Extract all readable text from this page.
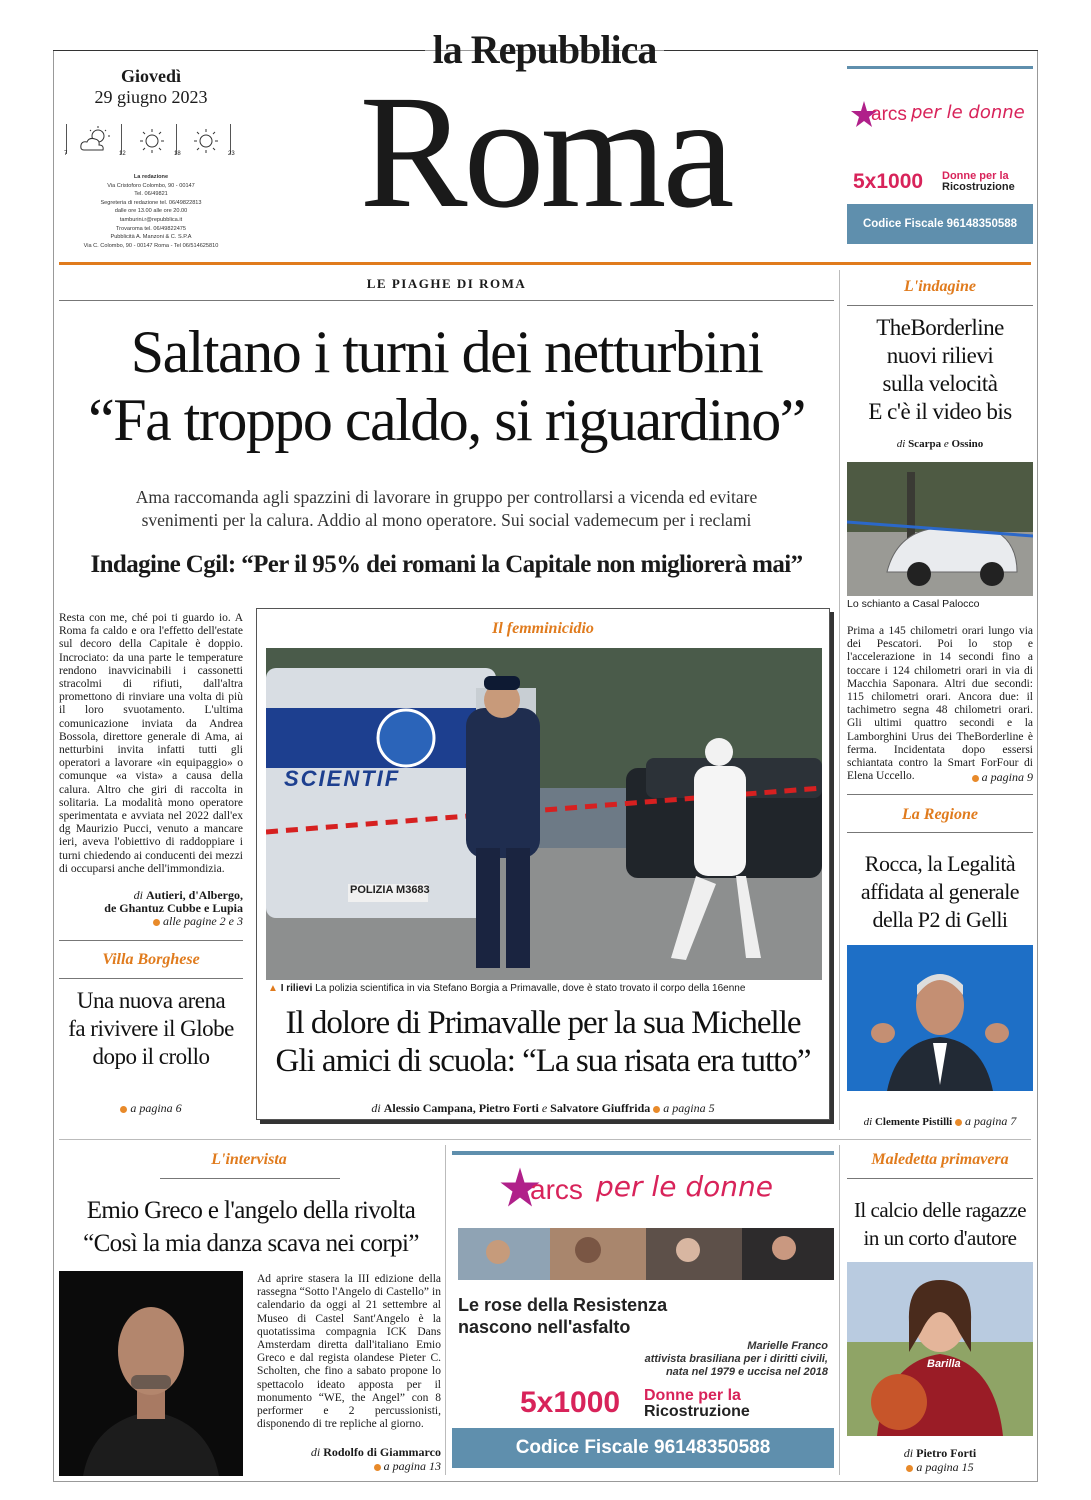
la Repubblica
Roma
Giovedì
29 giugno 2023
7	12	18	23
La redazione
Via Cristoforo Colombo, 90 - 00147
Tel. 06/49821
Segreteria di redazione tel. 06/49822813
dalle ore 13.00 alle ore 20.00
tamburini.r@repubblica.it
Trovaroma tel. 06/49822475
Pubblicità A. Manzoni & C. S.P.A
Via C. Colombo, 90 - 00147 Roma - Tel 06/514625810
arcs per le donne
5x1000 Donne per la
Ricostruzione
Codice Fiscale 96148350588
LE PIAGHE DI ROMA
Saltano i turni dei netturbini
“Fa troppo caldo, si riguardino”
Ama raccomanda agli spazzini di lavorare in gruppo per controllarsi a vicenda ed evitare
svenimenti per la calura. Addio al mono operatore. Sui social vademecum per i reclami
Indagine Cgil: “Per il 95% dei romani la Capitale non migliorerà mai”
Resta con me, ché poi ti guardo io. A Roma fa caldo e ora l'effetto dell'estate sul decoro della Capitale è doppio. Incrociato: da una parte le temperature rendono inavvicinabili i cassonetti stracolmi di rifiuti, dall'altra promettono di rinviare una volta di più il loro svuotamento. L'ultima comunicazione inviata da Andrea Bossola, direttore generale di Ama, ai netturbini invita infatti tutti gli operatori a lavorare «in equipaggio» o comunque «a vista» a causa della calura. Altro che giri di raccolta in solitaria. La modalità mono operatore sperimentata e avviata nel 2022 dall'ex dg Maurizio Pucci, venuto a mancare ieri, aveva l'obiettivo di raddoppiare i turni chiedendo ai conducenti dei mezzi di occuparsi anche dell'immondizia.
di Autieri, d'Albergo,
de Ghantuz Cubbe e Lupia
alle pagine 2 e 3
Villa Borghese
Una nuova arena
fa rivivere il Globe
dopo il crollo
a pagina 6
Il femminicidio
SCIENTIF
POLIZIA M3683
▲ I rilievi La polizia scientifica in via Stefano Borgia a Primavalle, dove è stato trovato il corpo della 16enne
Il dolore di Primavalle per la sua Michelle
Gli amici di scuola: “La sua risata era tutto”
di Alessio Campana, Pietro Forti e Salvatore Giuffrida a pagina 5
L'indagine
TheBorderline
nuovi rilievi
sulla velocità
E c'è il video bis
di Scarpa e Ossino
Lo schianto a Casal Palocco
Prima a 145 chilometri orari lungo via dei Pescatori. Poi lo stop e l'accelerazione in 14 secondi fino a toccare i 124 chilometri orari in via di Macchia Saponara. Altri due secondi: 115 chilometri orari. Ancora due: il tachimetro segna 48 chilometri orari. Gli ultimi quattro secondi e la Lamborghini Urus dei TheBorderline è ferma. Incidentata dopo essersi schiantata contro la Smart ForFour di Elena Uccello.	a pagina 9
La Regione
Rocca, la Legalità
affidata al generale
della P2 di Gelli
di Clemente Pistilli a pagina 7
L'intervista
Emio Greco e l'angelo della rivolta
“Così la mia danza scava nei corpi”
Ad aprire stasera la III edizione della rassegna “Sotto l'Angelo di Castello” in calendario da oggi al 21 settembre al Museo di Castel Sant'Angelo è la quotatissima compagnia ICK Dans Amsterdam diretta dall'italiano Emio Greco e dal regista olandese Pieter C. Scholten, che fino a sabato propone lo spettacolo ideato apposta per il monumento “WE, the Angel” con 8 performer e 2 percussionisti, disponendo di tre repliche al giorno.
di Rodolfo di Giammarco
a pagina 13
arcs per le donne
Le rose della Resistenza
nascono nell'asfalto
Marielle Franco
attivista brasiliana per i diritti civili,
nata nel 1979 e uccisa nel 2018
5x1000 Donne per la
Ricostruzione
Codice Fiscale 96148350588
Maledetta primavera
Il calcio delle ragazze
in un corto d'autore
Barilla
di Pietro Forti
a pagina 15
